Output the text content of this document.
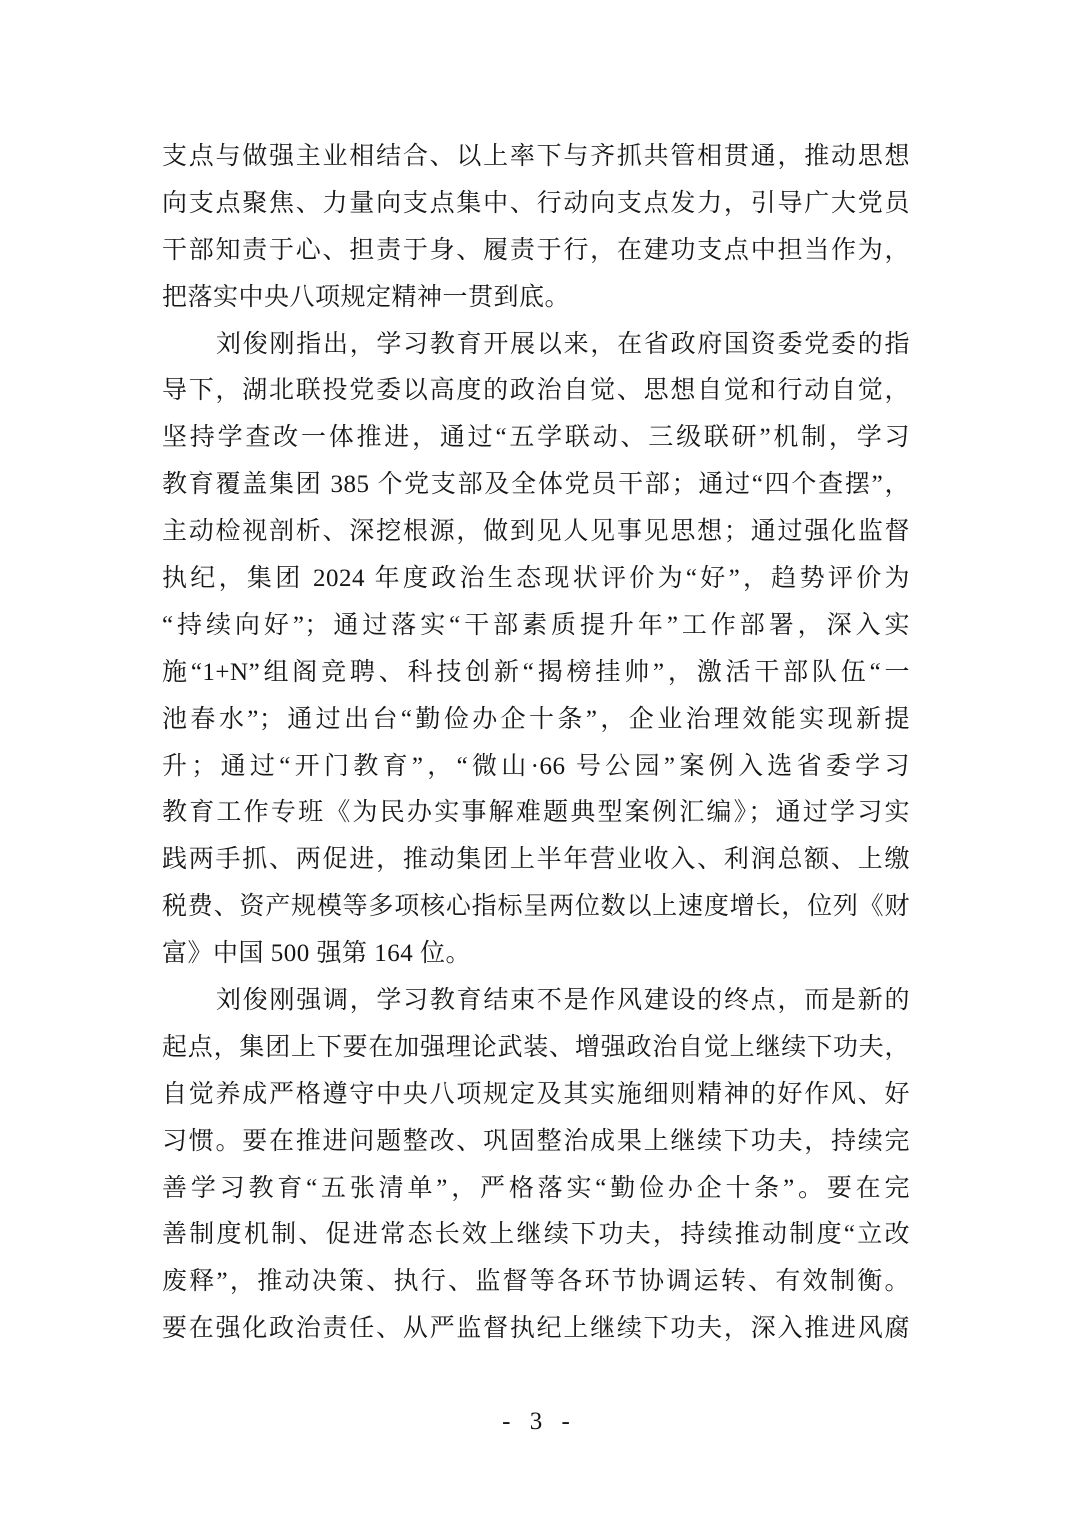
支点与做强主业相结合、以上率下与齐抓共管相贯通，推动思想
向支点聚焦、力量向支点集中、行动向支点发力，引导广大党员
干部知责于心、担责于身、履责于行，在建功支点中担当作为，
把落实中央八项规定精神一贯到底。
刘俊刚指出，学习教育开展以来，在省政府国资委党委的指
导下，湖北联投党委以高度的政治自觉、思想自觉和行动自觉，
坚持学查改一体推进，通过“五学联动、三级联研”机制，学习
教育覆盖集团 385 个党支部及全体党员干部；通过“四个查摆”，
主动检视剖析、深挖根源，做到见人见事见思想；通过强化监督
执纪，集团 2024 年度政治生态现状评价为“好”，趋势评价为
“持续向好”；通过落实“干部素质提升年”工作部署，深入实
施“1+N”组阁竞聘、科技创新“揭榜挂帅”，激活干部队伍“一
池春水”；通过出台“勤俭办企十条”，企业治理效能实现新提
升；通过“开门教育”，“微山·66 号公园”案例入选省委学习
教育工作专班《为民办实事解难题典型案例汇编》；通过学习实
践两手抓、两促进，推动集团上半年营业收入、利润总额、上缴
税费、资产规模等多项核心指标呈两位数以上速度增长，位列《财
富》中国 500 强第 164 位。
刘俊刚强调，学习教育结束不是作风建设的终点，而是新的
起点，集团上下要在加强理论武装、增强政治自觉上继续下功夫，
自觉养成严格遵守中央八项规定及其实施细则精神的好作风、好
习惯。要在推进问题整改、巩固整治成果上继续下功夫，持续完
善学习教育“五张清单”，严格落实“勤俭办企十条”。要在完
善制度机制、促进常态长效上继续下功夫，持续推动制度“立改
废释”，推动决策、执行、监督等各环节协调运转、有效制衡。
要在强化政治责任、从严监督执纪上继续下功夫，深入推进风腐
- 3 -
